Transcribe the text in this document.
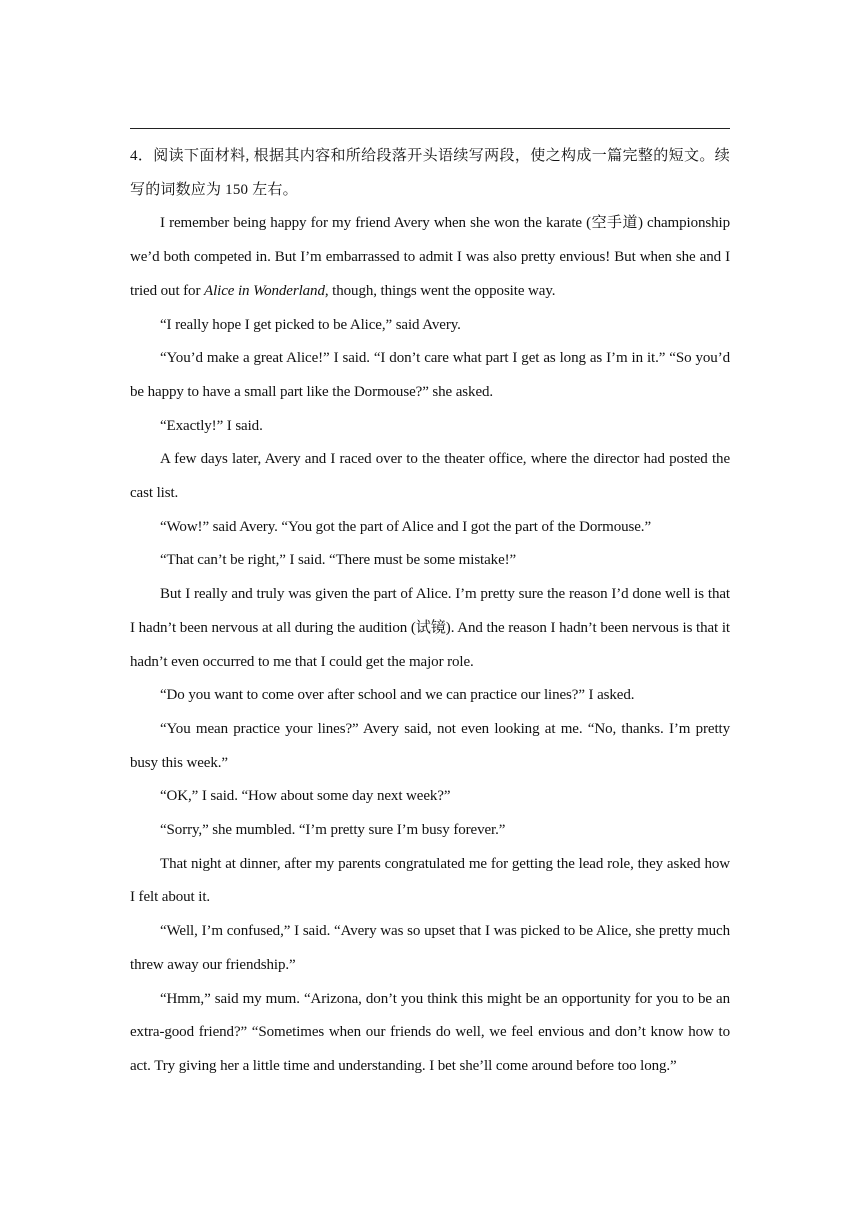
4．阅读下面材料, 根据其内容和所给段落开头语续写两段，使之构成一篇完整的短文。续写的词数应为 150 左右。

I remember being happy for my friend Avery when she won the karate (空手道) championship we’d both competed in. But I’m embarrassed to admit I was also pretty envious! But when she and I tried out for Alice in Wonderland, though, things went the opposite way.

“I really hope I get picked to be Alice,” said Avery.

“You’d make a great Alice!” I said. “I don’t care what part I get as long as I’m in it.” “So you’d be happy to have a small part like the Dormouse?” she asked.

“Exactly!” I said.

A few days later, Avery and I raced over to the theater office, where the director had posted the cast list.

“Wow!” said Avery. “You got the part of Alice and I got the part of the Dormouse.”

“That can’t be right,” I said. “There must be some mistake!”

But I really and truly was given the part of Alice. I’m pretty sure the reason I’d done well is that I hadn’t been nervous at all during the audition (试镜). And the reason I hadn’t been nervous is that it hadn’t even occurred to me that I could get the major role.

“Do you want to come over after school and we can practice our lines?” I asked.

“You mean practice your lines?” Avery said, not even looking at me. “No, thanks. I’m pretty busy this week.”

“OK,” I said. “How about some day next week?”

“Sorry,” she mumbled. “I’m pretty sure I’m busy forever.”

That night at dinner, after my parents congratulated me for getting the lead role, they asked how I felt about it.

“Well, I’m confused,” I said. “Avery was so upset that I was picked to be Alice, she pretty much threw away our friendship.”

“Hmm,” said my mum. “Arizona, don’t you think this might be an opportunity for you to be an extra-good friend?” “Sometimes when our friends do well, we feel envious and don’t know how to act. Try giving her a little time and understanding. I bet she’ll come around before too long.”
